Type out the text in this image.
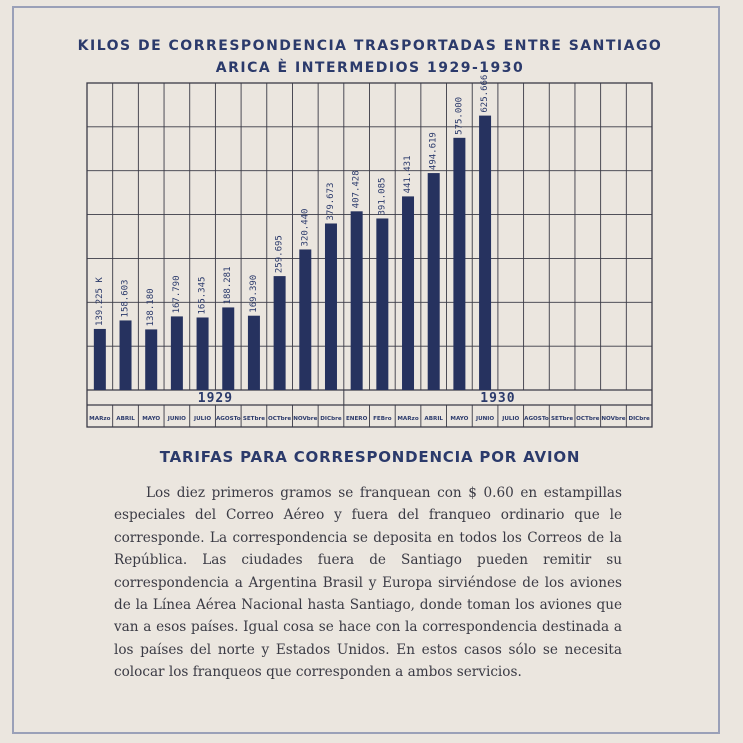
KILOS DE CORRESPONDENCIA TRASPORTADAS ENTRE SANTIAGO
ARICA È INTERMEDIOS 1929-1930
1929	1930
MARzo ABRIL MAYO JUNIO JULIO AGOSTo SETbre OCTbre NOVbre DICbre ENERO FEBro MARzo ABRIL MAYO JUNIO JULIO AGOSTo SETbre OCTbre NOVbre DICbre
139.225 K 158.603 138.180 167.790 165.345 188.281 169.390
259.695
320.440
379.673 407.428 391.085
441.431
494.619
575.000
625.666
TARIFAS PARA CORRESPONDENCIA POR AVION

Los diez primeros gramos se franquean con $ 0.60 en estampillas especiales del Correo Aéreo y fuera del franqueo ordinario que le corresponde. La correspondencia se deposita en todos los Correos de la República. Las ciudades fuera de Santiago pueden remitir su correspondencia a Argentina Brasil y Europa sirviéndose de los aviones de la Línea Aérea Nacional hasta Santiago, donde toman los aviones que van a esos países. Igual cosa se hace con la correspondencia destinada a los países del norte y Estados Unidos. En estos casos sólo se necesita colocar los franqueos que corresponden a ambos servicios.
